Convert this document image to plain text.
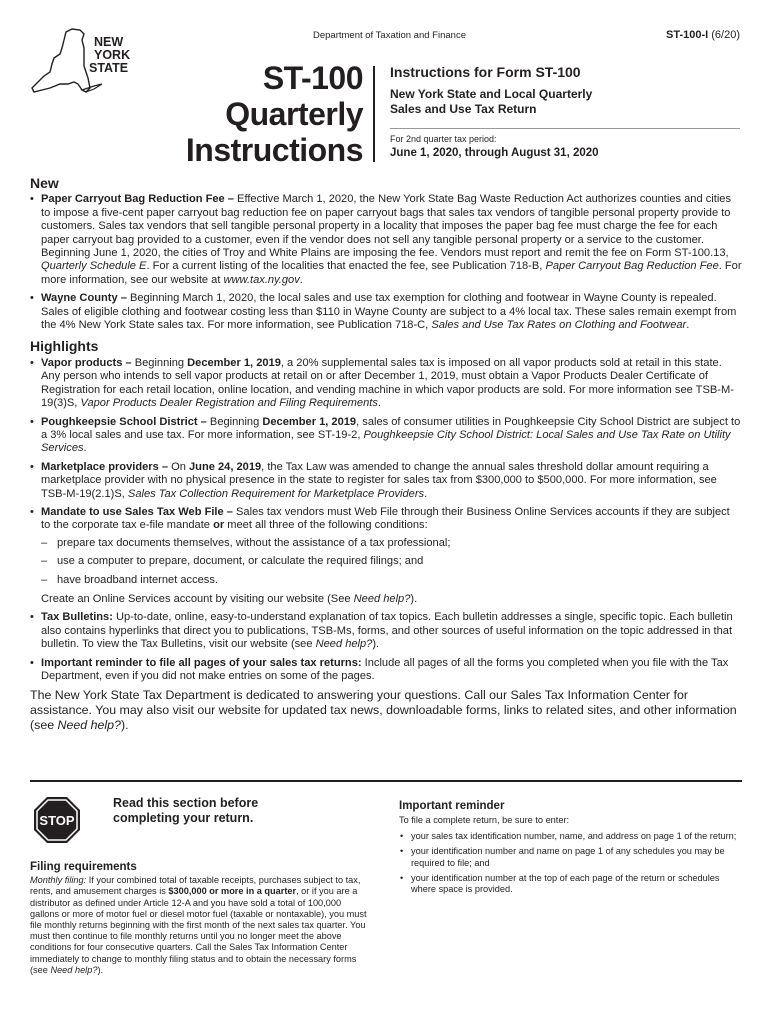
Department of Taxation and Finance	ST-100-I (6/20)
NEW
YORK
STATE	ST-100
Quarterly
Instructions
Instructions for Form ST-100
New York State and Local Quarterly
Sales and Use Tax Return
For 2nd quarter tax period:
June 1, 2020, through August 31, 2020
New
• Paper Carryout Bag Reduction Fee – Effective March 1, 2020, the New York State Bag Waste Reduction Act authorizes counties and cities to impose a five-cent paper carryout bag reduction fee on paper carryout bags that sales tax vendors of tangible personal property provide to customers. Sales tax vendors that sell tangible personal property in a locality that imposes the paper bag fee must charge the fee for each paper carryout bag provided to a customer, even if the vendor does not sell any tangible personal property or a service to the customer. Beginning June 1, 2020, the cities of Troy and White Plains are imposing the fee. Vendors must report and remit the fee on Form ST-100.13, Quarterly Schedule E. For a current listing of the localities that enacted the fee, see Publication 718-B, Paper Carryout Bag Reduction Fee. For more information, see our website at www.tax.ny.gov.
• Wayne County – Beginning March 1, 2020, the local sales and use tax exemption for clothing and footwear in Wayne County is repealed. Sales of eligible clothing and footwear costing less than $110 in Wayne County are subject to a 4% local tax. These sales remain exempt from the 4% New York State sales tax. For more information, see Publication 718-C, Sales and Use Tax Rates on Clothing and Footwear.
Highlights
• Vapor products – Beginning December 1, 2019, a 20% supplemental sales tax is imposed on all vapor products sold at retail in this state. Any person who intends to sell vapor products at retail on or after December 1, 2019, must obtain a Vapor Products Dealer Certificate of Registration for each retail location, online location, and vending machine in which vapor products are sold. For more information see TSB-M-19(3)S, Vapor Products Dealer Registration and Filing Requirements.
• Poughkeepsie School District – Beginning December 1, 2019, sales of consumer utilities in Poughkeepsie City School District are subject to a 3% local sales and use tax. For more information, see ST-19-2, Poughkeepsie City School District: Local Sales and Use Tax Rate on Utility Services.
• Marketplace providers – On June 24, 2019, the Tax Law was amended to change the annual sales threshold dollar amount requiring a marketplace provider with no physical presence in the state to register for sales tax from $300,000 to $500,000. For more information, see TSB-M-19(2.1)S, Sales Tax Collection Requirement for Marketplace Providers.
• Mandate to use Sales Tax Web File – Sales tax vendors must Web File through their Business Online Services accounts if they are subject to the corporate tax e-file mandate or meet all three of the following conditions:
– prepare tax documents themselves, without the assistance of a tax professional;
– use a computer to prepare, document, or calculate the required filings; and
– have broadband internet access.
Create an Online Services account by visiting our website (See Need help?).
• Tax Bulletins: Up-to-date, online, easy-to-understand explanation of tax topics. Each bulletin addresses a single, specific topic. Each bulletin also contains hyperlinks that direct you to publications, TSB-Ms, forms, and other sources of useful information on the topic addressed in that bulletin. To view the Tax Bulletins, visit our website (see Need help?).
• Important reminder to file all pages of your sales tax returns: Include all pages of all the forms you completed when you file with the Tax Department, even if you did not make entries on some of the pages.

The New York State Tax Department is dedicated to answering your questions. Call our Sales Tax Information Center for assistance. You may also visit our website for updated tax news, downloadable forms, links to related sites, and other information (see Need help?).

STOP
Read this section before
completing your return.
Filing requirements

Monthly filing: If your combined total of taxable receipts, purchases subject to tax, rents, and amusement charges is $300,000 or more in a quarter, or if you are a distributor as defined under Article 12-A and you have sold a total of 100,000 gallons or more of motor fuel or diesel motor fuel (taxable or nontaxable), you must file monthly returns beginning with the first month of the next sales tax quarter. You must then continue to file monthly returns until you no longer meet the above conditions for four consecutive quarters. Call the Sales Tax Information Center immediately to change to monthly filing status and to obtain the necessary forms (see Need help?).

Important reminder
To file a complete return, be sure to enter:
• your sales tax identification number, name, and address on page 1 of the return;
• your identification number and name on page 1 of any schedules you may be required to file; and
• your identification number at the top of each page of the return or schedules where space is provided.
